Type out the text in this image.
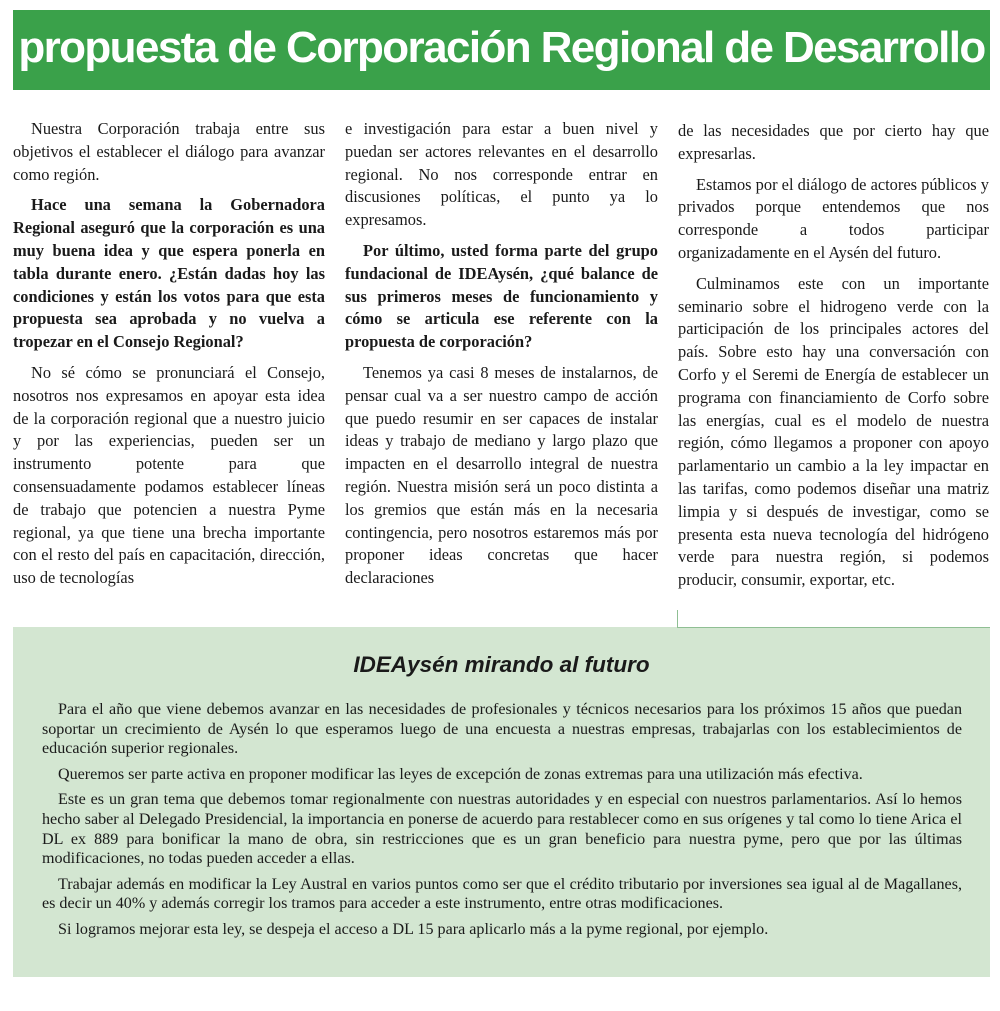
propuesta de Corporación Regional de Desarrollo

Nuestra Corporación trabaja entre sus objetivos el establecer el diálogo para avanzar como región.

Hace una semana la Gobernadora Regional aseguró que la corporación es una muy buena idea y que espera ponerla en tabla durante enero. ¿Están dadas hoy las condiciones y están los votos para que esta propuesta sea aprobada y no vuelva a tropezar en el Consejo Regional?

No sé cómo se pronunciará el Consejo, nosotros nos expresamos en apoyar esta idea de la corporación regional que a nuestro juicio y por las experiencias, pueden ser un instrumento potente para que consensuadamente podamos establecer líneas de trabajo que potencien a nuestra Pyme regional, ya que tiene una brecha importante con el resto del país en capacitación, dirección, uso de tecnologías

e investigación para estar a buen nivel y puedan ser actores relevantes en el desarrollo regional. No nos corresponde entrar en discusiones políticas, el punto ya lo expresamos.

Por último, usted forma parte del grupo fundacional de IDEAysén, ¿qué balance de sus primeros meses de funcionamiento y cómo se articula ese referente con la propuesta de corporación?

Tenemos ya casi 8 meses de instalarnos, de pensar cual va a ser nuestro campo de acción que puedo resumir en ser capaces de instalar ideas y trabajo de mediano y largo plazo que impacten en el desarrollo integral de nuestra región. Nuestra misión será un poco distinta a los gremios que están más en la necesaria contingencia, pero nosotros estaremos más por proponer ideas concretas que hacer declaraciones

de las necesidades que por cierto hay que expresarlas.

Estamos por el diálogo de actores públicos y privados porque entendemos que nos corresponde a todos participar organizadamente en el Aysén del futuro.

Culminamos este con un importante seminario sobre el hidrogeno verde con la participación de los principales actores del país. Sobre esto hay una conversación con Corfo y el Seremi de Energía de establecer un programa con financiamiento de Corfo sobre las energías, cual es el modelo de nuestra región, cómo llegamos a proponer con apoyo parlamentario un cambio a la ley impactar en las tarifas, como podemos diseñar una matriz limpia y si después de investigar, como se presenta esta nueva tecnología del hidrógeno verde para nuestra región, si podemos producir, consumir, exportar, etc.

IDEAysén mirando al futuro

Para el año que viene debemos avanzar en las necesidades de profesionales y técnicos necesarios para los próximos 15 años que puedan soportar un crecimiento de Aysén lo que esperamos luego de una encuesta a nuestras empresas, trabajarlas con los establecimientos de educación superior regionales.

Queremos ser parte activa en proponer modificar las leyes de excepción de zonas extremas para una utilización más efectiva.

Este es un gran tema que debemos tomar regionalmente con nuestras autoridades y en especial con nuestros parlamentarios. Así lo hemos hecho saber al Delegado Presidencial, la importancia en ponerse de acuerdo para restablecer como en sus orígenes y tal como lo tiene Arica el DL ex 889 para bonificar la mano de obra, sin restricciones que es un gran beneficio para nuestra pyme, pero que por las últimas modificaciones, no todas pueden acceder a ellas.

Trabajar además en modificar la Ley Austral en varios puntos como ser que el crédito tributario por inversiones sea igual al de Magallanes, es decir un 40% y además corregir los tramos para acceder a este instrumento, entre otras modificaciones.

Si logramos mejorar esta ley, se despeja el acceso a DL 15 para aplicarlo más a la pyme regional, por ejemplo.
